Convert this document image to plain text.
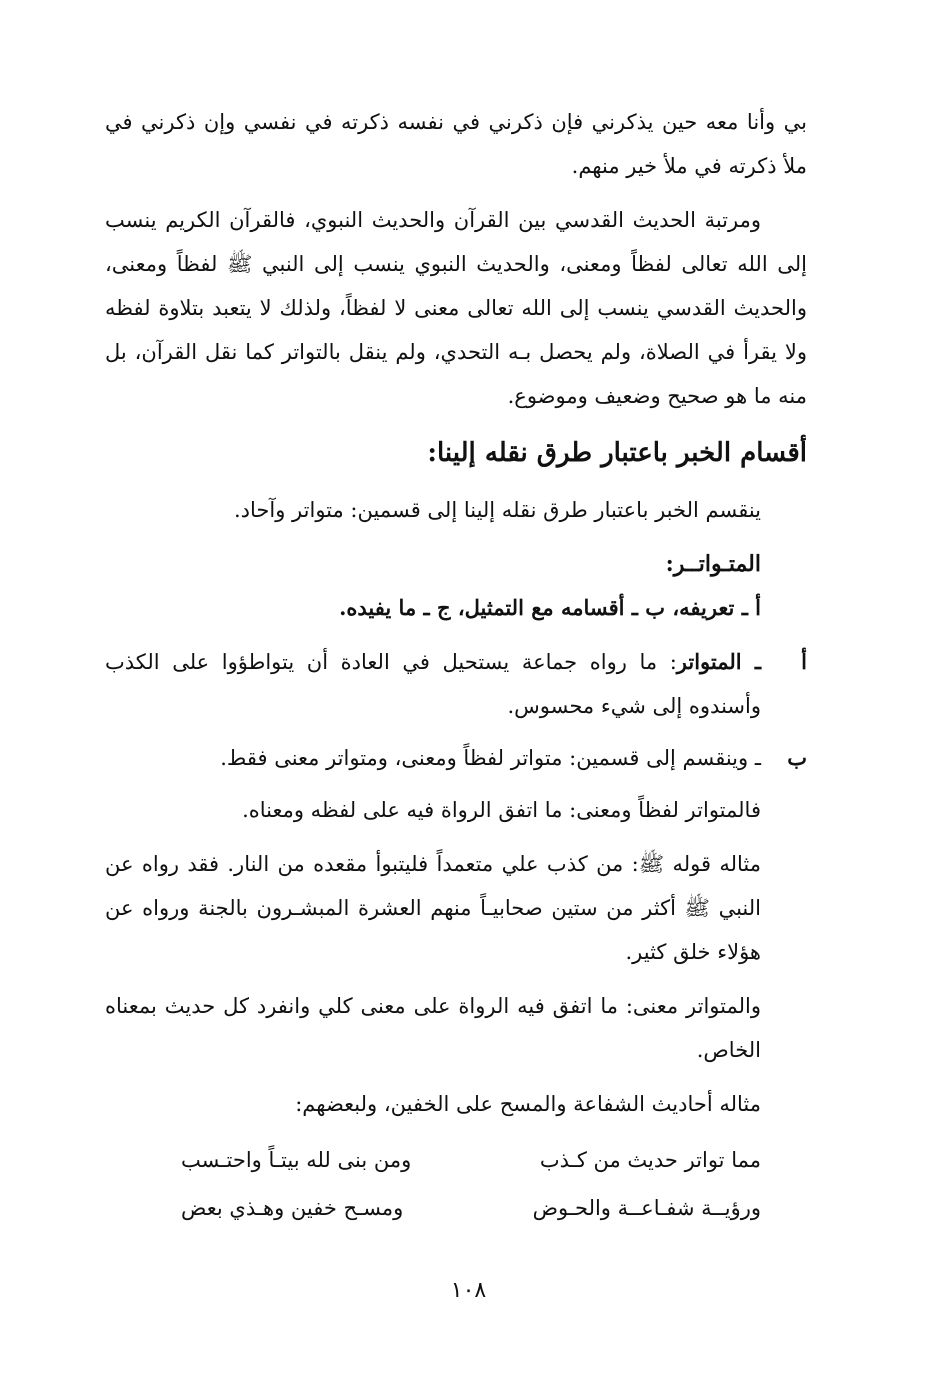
بي وأنا معه حين يذكرني فإن ذكرني في نفسه ذكرته في نفسي وإن ذكرني في ملأ ذكرته في ملأ خير منهم.

ومرتبة الحديث القدسي بين القرآن والحديث النبوي، فالقرآن الكريم ينسب إلى الله تعالى لفظاً ومعنى، والحديث النبوي ينسب إلى النبي ﷺ لفظاً ومعنى، والحديث القدسي ينسب إلى الله تعالى معنى لا لفظاً، ولذلك لا يتعبد بتلاوة لفظه ولا يقرأ في الصلاة، ولم يحصل بـه التحدي، ولم ينقل بالتواتر كما نقل القرآن، بل منه ما هو صحيح وضعيف وموضوع.

أقسام الخبر باعتبار طرق نقله إلينا:

ينقسم الخبر باعتبار طرق نقله إلينا إلى قسمين: متواتر وآحاد.

المتـواتــر:

أ ـ تعريفه، ب ـ أقسامه مع التمثيل، ج ـ ما يفيده.

أ
ـ المتواتر: ما رواه جماعة يستحيل في العادة أن يتواطؤوا على الكذب وأسندوه إلى شيء محسوس.
ب
ـ وينقسم إلى قسمين: متواتر لفظاً ومعنى، ومتواتر معنى فقط.

فالمتواتر لفظاً ومعنى: ما اتفق الرواة فيه على لفظه ومعناه.

مثاله قوله ﷺ: من كذب علي متعمداً فليتبوأ مقعده من النار. فقد رواه عن النبي ﷺ أكثر من ستين صحابيـاً منهم العشرة المبشـرون بالجنة ورواه عن هؤلاء خلق كثير.

والمتواتر معنى: ما اتفق فيه الرواة على معنى كلي وانفرد كل حديث بمعناه الخاص.

مثاله أحاديث الشفاعة والمسح على الخفين، ولبعضهم:

مما تواتر حديث من كـذب
ومن بنى لله بيتـاً واحتـسب
ورؤيــة شفـاعــة والحـوض
ومسـح خفين وهـذي بعض
١٠٨
